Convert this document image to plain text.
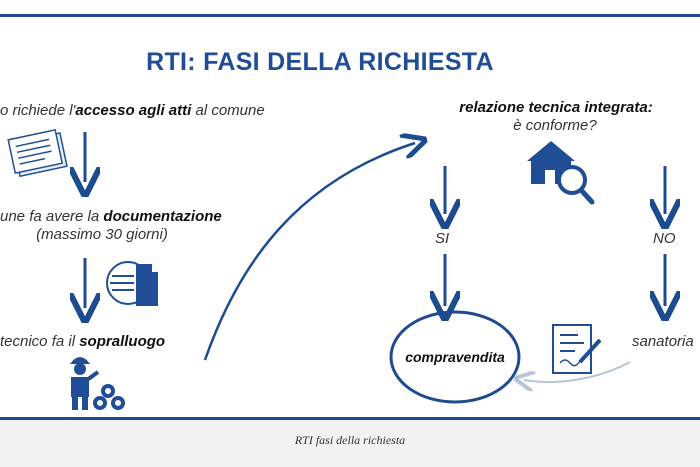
RTI: FASI DELLA RICHIESTA
o richiede l'accesso agli atti al comune
une fa avere la documentazione
(massimo 30 giorni)
tecnico fa il sopralluogo
relazione tecnica integrata:
è conforme?
SI	NO
sanatoria
compravendita
RTI fasi della richiesta
